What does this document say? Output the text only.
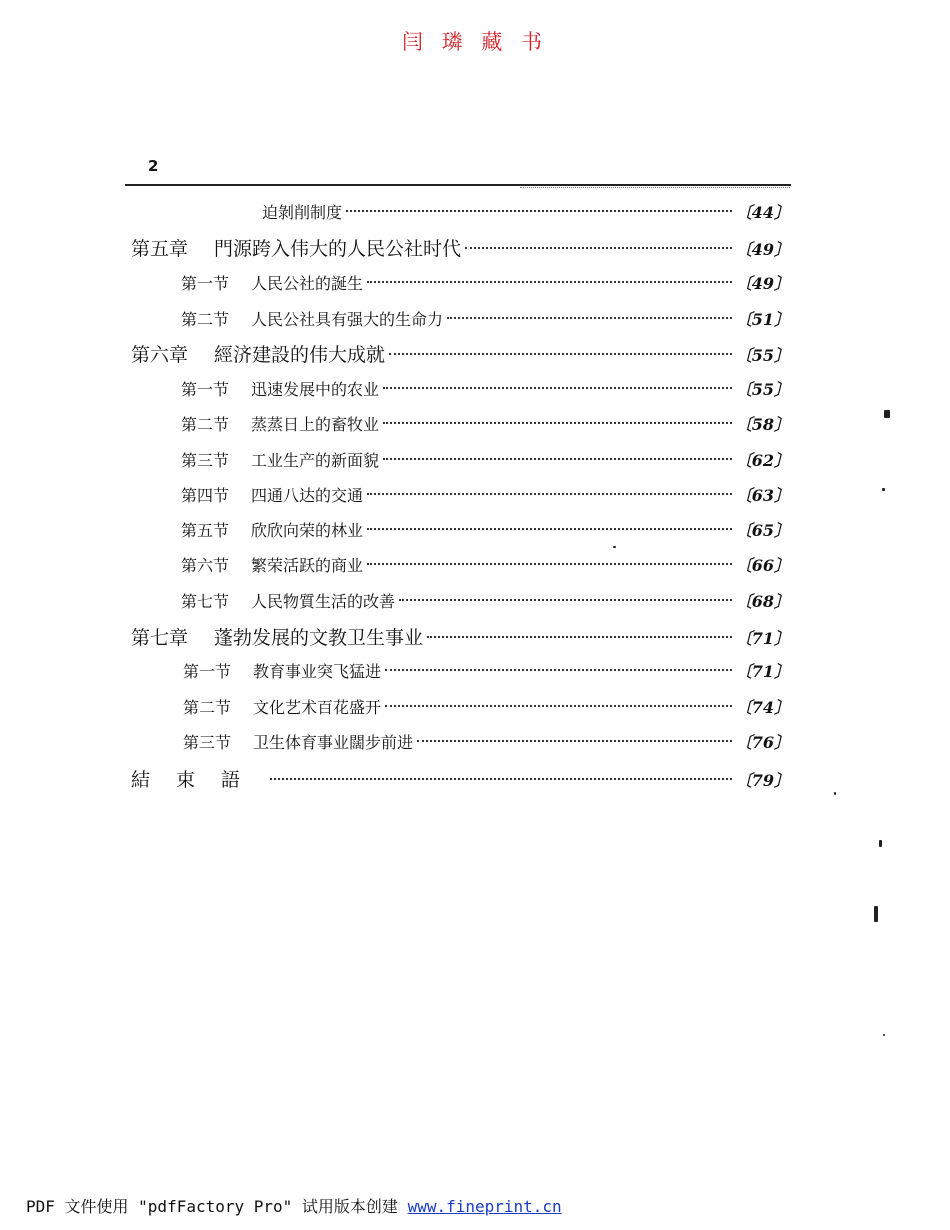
闫 璘 藏 书
2
迫剝削制度	〔44〕
第五章 門源跨入伟大的人民公社时代	〔49〕
第一节 人民公社的誕生	〔49〕
第二节 人民公社具有强大的生命力	〔51〕
第六章 經济建設的伟大成就	〔55〕
第一节 迅速发展中的农业	〔55〕
第二节 蒸蒸日上的畜牧业	〔58〕
第三节 工业生产的新面貌	〔62〕
第四节 四通八达的交通	〔63〕
第五节 欣欣向荣的林业	〔65〕
第六节 繁荣活跃的商业	〔66〕
第七节 人民物質生活的改善	〔68〕
第七章 蓬勃发展的文教卫生事业	〔71〕
第一节 教育事业突飞猛进	〔71〕
第二节 文化艺术百花盛开	〔74〕
第三节 卫生体育事业闊步前进	〔76〕
結束語	〔79〕
PDF 文件使用 "pdfFactory Pro" 试用版本创建 www.fineprint.cn
